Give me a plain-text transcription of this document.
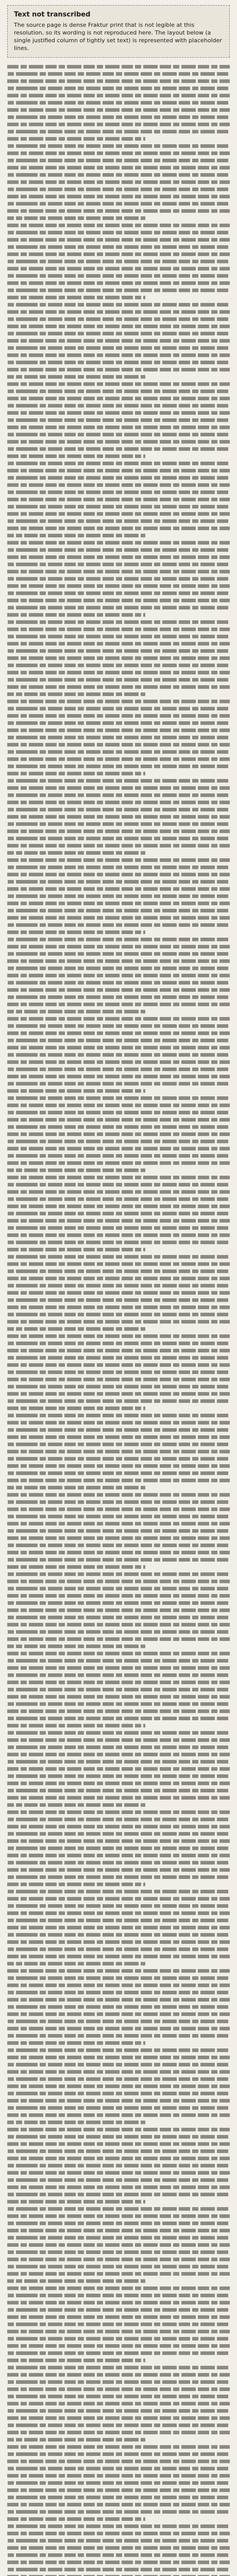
Text not transcribed

The source page is dense Fraktur print that is not legible at this resolution, so its wording is not reproduced here. The layout below (a single justified column of tightly set text) is represented with placeholder lines.
